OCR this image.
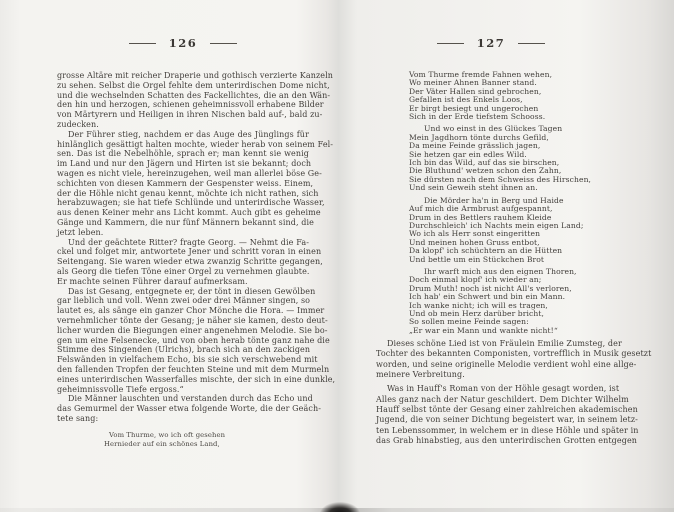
126
grosse Altäre mit reicher Draperie und gothisch verzierte Kanzeln
zu sehen. Selbst die Orgel fehlte dem unterirdischen Dome nicht,
und die wechselnden Schatten des Fackellichtes, die an den Wän-
den hin und herzogen, schienen geheimnissvoll erhabene Bilder
von Märtyrern und Heiligen in ihren Nischen bald auf-, bald zu-
zudecken.
Der Führer stieg, nachdem er das Auge des Jünglings für
hinlänglich gesättigt halten mochte, wieder herab von seinem Fel-
sen. Das ist die Nebelhöhle, sprach er; man kennt sie wenig
im Land und nur den Jägern und Hirten ist sie bekannt; doch
wagen es nicht viele, hereinzugehen, weil man allerlei böse Ge-
schichten von diesen Kammern der Gespenster weiss. Einem,
der die Höhle nicht genau kennt, möchte ich nicht rathen, sich
herabzuwagen; sie hat tiefe Schlünde und unterirdische Wasser,
aus denen Keiner mehr ans Licht kommt. Auch gibt es geheime
Gänge und Kammern, die nur fünf Männern bekannt sind, die
jetzt leben.
Und der geächtete Ritter? fragte Georg. — Nehmt die Fa-
ckel und folget mir, antwortete Jener und schritt voran in einen
Seitengang. Sie waren wieder etwa zwanzig Schritte gegangen,
als Georg die tiefen Töne einer Orgel zu vernehmen glaubte.
Er machte seinen Führer darauf aufmerksam.
Das ist Gesang, entgegnete er, der tönt in diesen Gewölben
gar lieblich und voll. Wenn zwei oder drei Männer singen, so
lautet es, als sänge ein ganzer Chor Mönche die Hora. — Immer
vernehmlicher tönte der Gesang; je näher sie kamen, desto deut-
licher wurden die Biegungen einer angenehmen Melodie. Sie bo-
gen um eine Felsenecke, und von oben herab tönte ganz nahe die
Stimme des Singenden (Ulrichs), brach sich an den zackigen
Felswänden in vielfachem Echo, bis sie sich verschwebend mit
den fallenden Tropfen der feuchten Steine und mit dem Murmeln
eines unterirdischen Wasserfalles mischte, der sich in eine dunkle,
geheimnissvolle Tiefe ergoss.“
Die Männer lauschten und verstanden durch das Echo und
das Gemurmel der Wasser etwa folgende Worte, die der Geäch-
tete sang:
Vom Thurme, wo ich oft gesehen
Hernieder auf ein schönes Land,
127
Vom Thurme fremde Fahnen wehen,
Wo meiner Ahnen Banner stand.
Der Väter Hallen sind gebrochen,
Gefallen ist des Enkels Loos,
Er birgt besiegt und ungerochen
Sich in der Erde tiefstem Schooss.
Und wo einst in des Glückes Tagen
Mein Jagdhorn tönte durchs Gefild,
Da meine Feinde grässlich jagen,
Sie hetzen gar ein edles Wild.
Ich bin das Wild, auf das sie birschen,
Die Bluthund' wetzen schon den Zahn,
Sie dürsten nach dem Schweiss des Hirschen,
Und sein Geweih steht ihnen an.
Die Mörder ha'n in Berg und Haide
Auf mich die Armbrust aufgespannt,
Drum in des Bettlers rauhem Kleide
Durchschleich' ich Nachts mein eigen Land;
Wo ich als Herr sonst eingeritten
Und meinen hohen Gruss entbot,
Da klopf' ich schüchtern an die Hütten
Und bettle um ein Stückchen Brot
Ihr warft mich aus den eignen Thoren,
Doch einmal klopf' ich wieder an;
Drum Muth! noch ist nicht All's verloren,
Ich hab' ein Schwert und bin ein Mann.
Ich wanke nicht; ich will es tragen,
Und ob mein Herz darüber bricht,
So sollen meine Feinde sagen:
„Er war ein Mann und wankte nicht!“
Dieses schöne Lied ist von Fräulein Emilie Zumsteg, der
Tochter des bekannten Componisten, vortrefflich in Musik gesetzt
worden, und seine originelle Melodie verdient wohl eine allge-
meinere Verbreitung.
Was in Hauff's Roman von der Höhle gesagt worden, ist
Alles ganz nach der Natur geschildert. Dem Dichter Wilhelm
Hauff selbst tönte der Gesang einer zahlreichen akademischen
Jugend, die von seiner Dichtung begeistert war, in seinem letz-
ten Lebenssommer, in welchem er in diese Höhle und später in
das Grab hinabstieg, aus den unterirdischen Grotten entgegen
